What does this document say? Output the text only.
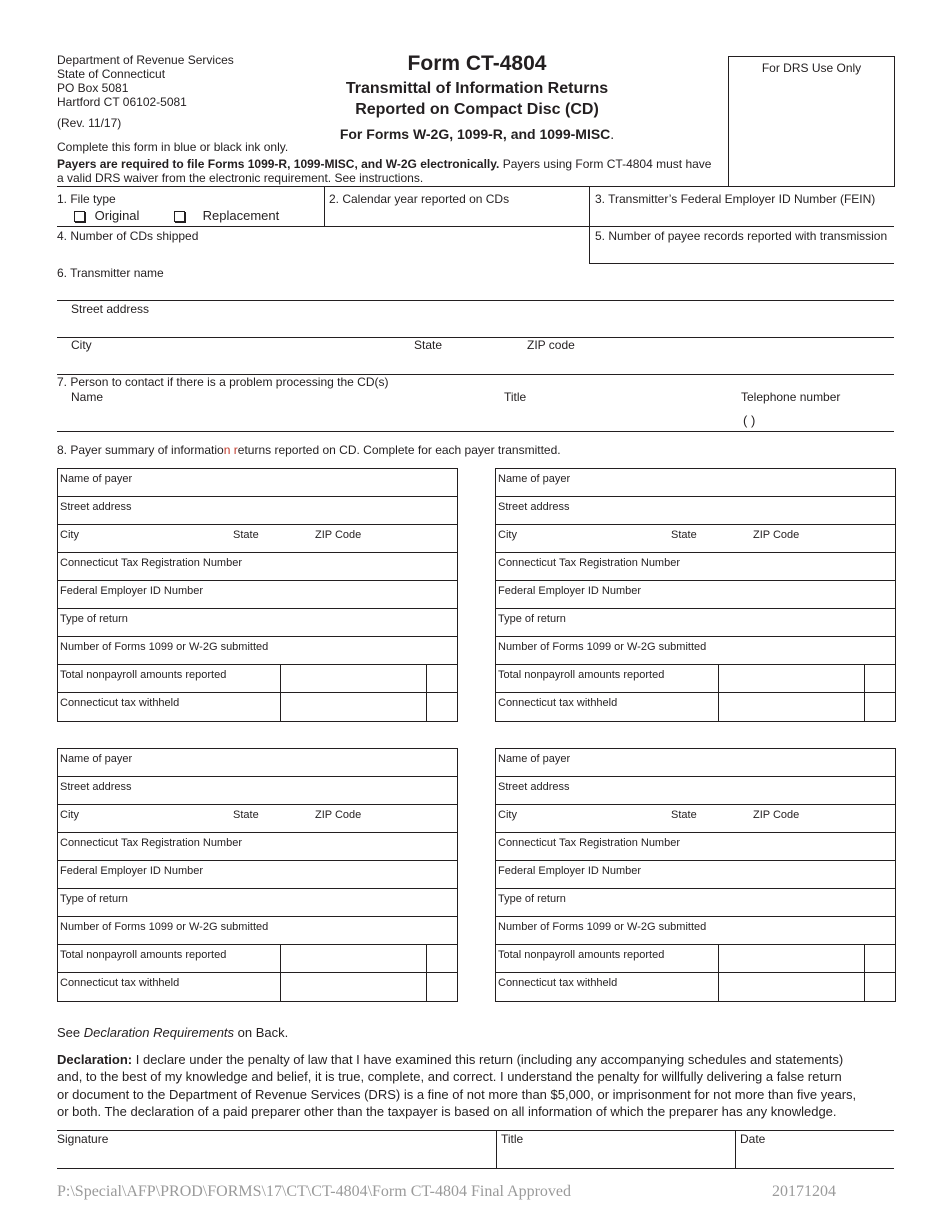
Department of Revenue Services
State of Connecticut
PO Box 5081
Hartford CT 06102-5081
(Rev. 11/17)
Form CT-4804
Transmittal of Information Returns
Reported on Compact Disc (CD)
For Forms W-2G, 1099-R, and 1099-MISC.
For DRS Use Only
Complete this form in blue or black ink only.
Payers are required to file Forms 1099-R, 1099-MISC, and W-2G electronically. Payers using Form CT-4804 must have
a valid DRS waiver from the electronic requirement. See instructions.
1. File type
Original	Replacement
2. Calendar year reported on CDs	3. Transmitter’s Federal Employer ID Number (FEIN)
4. Number of CDs shipped	5. Number of payee records reported with transmission
6. Transmitter name
Street address
City	State	ZIP code
7. Person to contact if there is a problem processing the CD(s)
Name	Title	Telephone number
( )
8. Payer summary of information returns reported on CD. Complete for each payer transmitted.
Name of payer
Street address
City	State	ZIP Code
Connecticut Tax Registration Number
Federal Employer ID Number
Type of return
Number of Forms 1099 or W-2G submitted
Total nonpayroll amounts reported
Connecticut tax withheld
Name of payer
Street address
City	State	ZIP Code
Connecticut Tax Registration Number
Federal Employer ID Number
Type of return
Number of Forms 1099 or W-2G submitted
Total nonpayroll amounts reported
Connecticut tax withheld
Name of payer
Street address
City	State	ZIP Code
Connecticut Tax Registration Number
Federal Employer ID Number
Type of return
Number of Forms 1099 or W-2G submitted
Total nonpayroll amounts reported
Connecticut tax withheld
Name of payer
Street address
City	State	ZIP Code
Connecticut Tax Registration Number
Federal Employer ID Number
Type of return
Number of Forms 1099 or W-2G submitted
Total nonpayroll amounts reported
Connecticut tax withheld
See Declaration Requirements on Back.
Declaration: I declare under the penalty of law that I have examined this return (including any accompanying schedules and statements)
and, to the best of my knowledge and belief, it is true, complete, and correct. I understand the penalty for willfully delivering a false return
or document to the Department of Revenue Services (DRS) is a fine of not more than $5,000, or imprisonment for not more than five years,
or both. The declaration of a paid preparer other than the taxpayer is based on all information of which the preparer has any knowledge.
Signature	Title	Date
P:\Special\AFP\PROD\FORMS\17\CT\CT-4804\Form CT-4804 Final Approved	20171204
